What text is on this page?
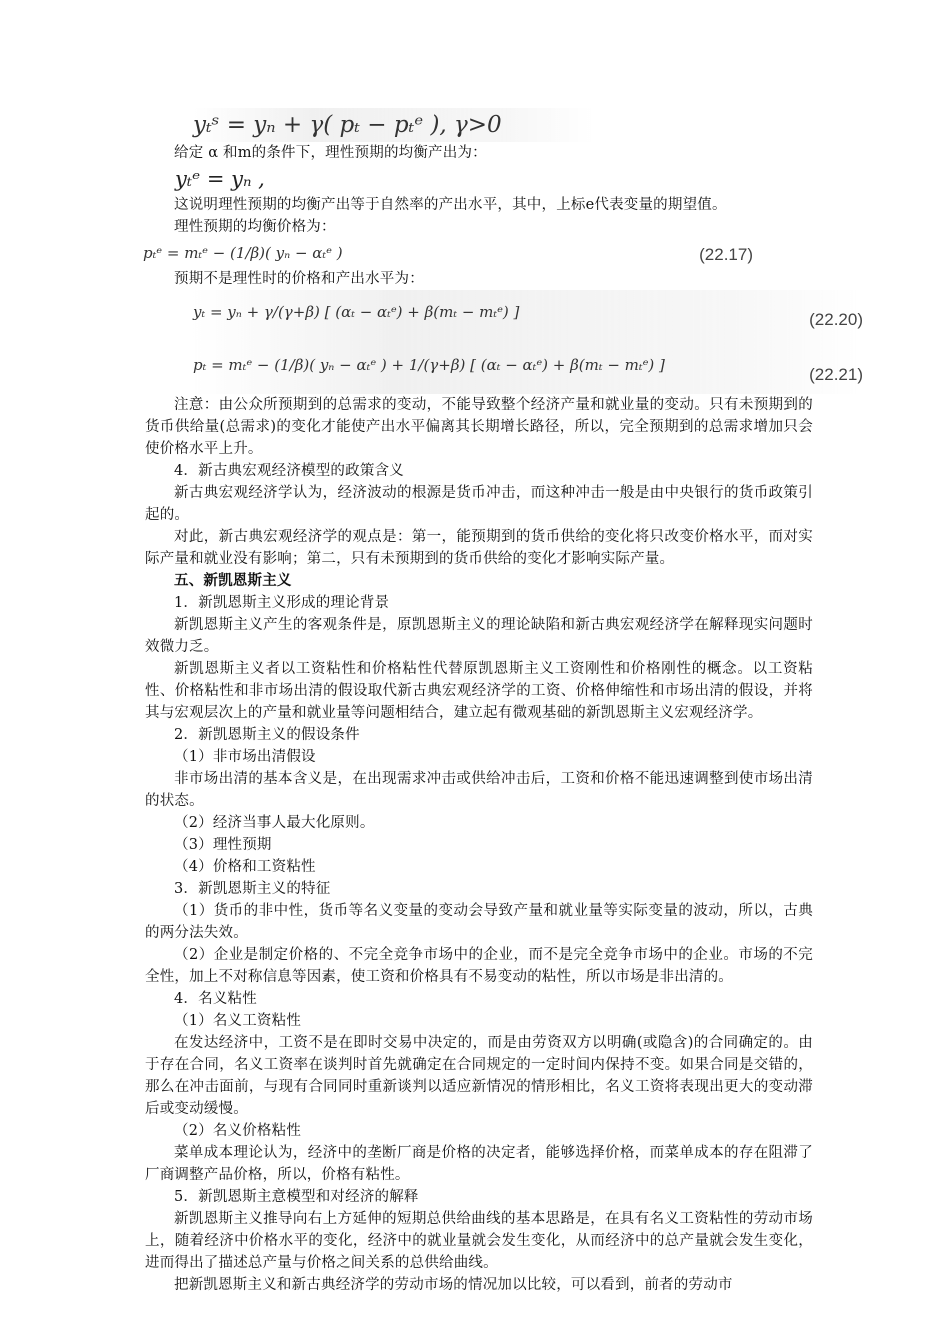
yₜˢ = yₙ + γ( pₜ − pₜᵉ ), γ>0

给定 α 和m的条件下，理性预期的均衡产出为：

yₜᵉ = yₙ ,

这说明理性预期的均衡产出等于自然率的产出水平，其中，上标e代表变量的期望值。

理性预期的均衡价格为：

pₜᵉ = mₜᵉ − (1/β)( yₙ − αₜᵉ )	(22.17)

预期不是理性时的价格和产出水平为：

yₜ = yₙ + γ/(γ+β) [ (αₜ − αₜᵉ) + β(mₜ − mₜᵉ) ]	(22.20)
pₜ = mₜᵉ − (1/β)( yₙ − αₜᵉ ) + 1/(γ+β) [ (αₜ − αₜᵉ) + β(mₜ − mₜᵉ) ]	(22.21)

注意：由公众所预期到的总需求的变动，不能导致整个经济产量和就业量的变动。只有未预期到的货币供给量(总需求)的变化才能使产出水平偏离其长期增长路径，所以，完全预期到的总需求增加只会使价格水平上升。

4．新古典宏观经济模型的政策含义

新古典宏观经济学认为，经济波动的根源是货币冲击，而这种冲击一般是由中央银行的货币政策引起的。

对此，新古典宏观经济学的观点是：第一，能预期到的货币供给的变化将只改变价格水平，而对实际产量和就业没有影响；第二，只有未预期到的货币供给的变化才影响实际产量。

五、新凯恩斯主义

1．新凯恩斯主义形成的理论背景

新凯恩斯主义产生的客观条件是，原凯恩斯主义的理论缺陷和新古典宏观经济学在解释现实问题时效微力乏。

新凯恩斯主义者以工资粘性和价格粘性代替原凯恩斯主义工资刚性和价格刚性的概念。以工资粘性、价格粘性和非市场出清的假设取代新古典宏观经济学的工资、价格伸缩性和市场出清的假设，并将其与宏观层次上的产量和就业量等问题相结合，建立起有微观基础的新凯恩斯主义宏观经济学。

2．新凯恩斯主义的假设条件

（1）非市场出清假设

非市场出清的基本含义是，在出现需求冲击或供给冲击后，工资和价格不能迅速调整到使市场出清的状态。

（2）经济当事人最大化原则。

（3）理性预期

（4）价格和工资粘性

3．新凯恩斯主义的特征

（1）货币的非中性，货币等名义变量的变动会导致产量和就业量等实际变量的波动，所以，古典的两分法失效。

（2）企业是制定价格的、不完全竞争市场中的企业，而不是完全竞争市场中的企业。市场的不完全性，加上不对称信息等因素，使工资和价格具有不易变动的粘性，所以市场是非出清的。

4．名义粘性

（1）名义工资粘性

在发达经济中，工资不是在即时交易中决定的，而是由劳资双方以明确(或隐含)的合同确定的。由于存在合同，名义工资率在谈判时首先就确定在合同规定的一定时间内保持不变。如果合同是交错的，那么在冲击面前，与现有合同同时重新谈判以适应新情况的情形相比，名义工资将表现出更大的变动滞后或变动缓慢。

（2）名义价格粘性

菜单成本理论认为，经济中的垄断厂商是价格的决定者，能够选择价格，而菜单成本的存在阻滞了厂商调整产品价格，所以，价格有粘性。

5．新凯恩斯主意模型和对经济的解释

新凯恩斯主义推导向右上方延伸的短期总供给曲线的基本思路是，在具有名义工资粘性的劳动市场上，随着经济中价格水平的变化，经济中的就业量就会发生变化，从而经济中的总产量就会发生变化，进而得出了描述总产量与价格之间关系的总供给曲线。

把新凯恩斯主义和新古典经济学的劳动市场的情况加以比较，可以看到，前者的劳动市
